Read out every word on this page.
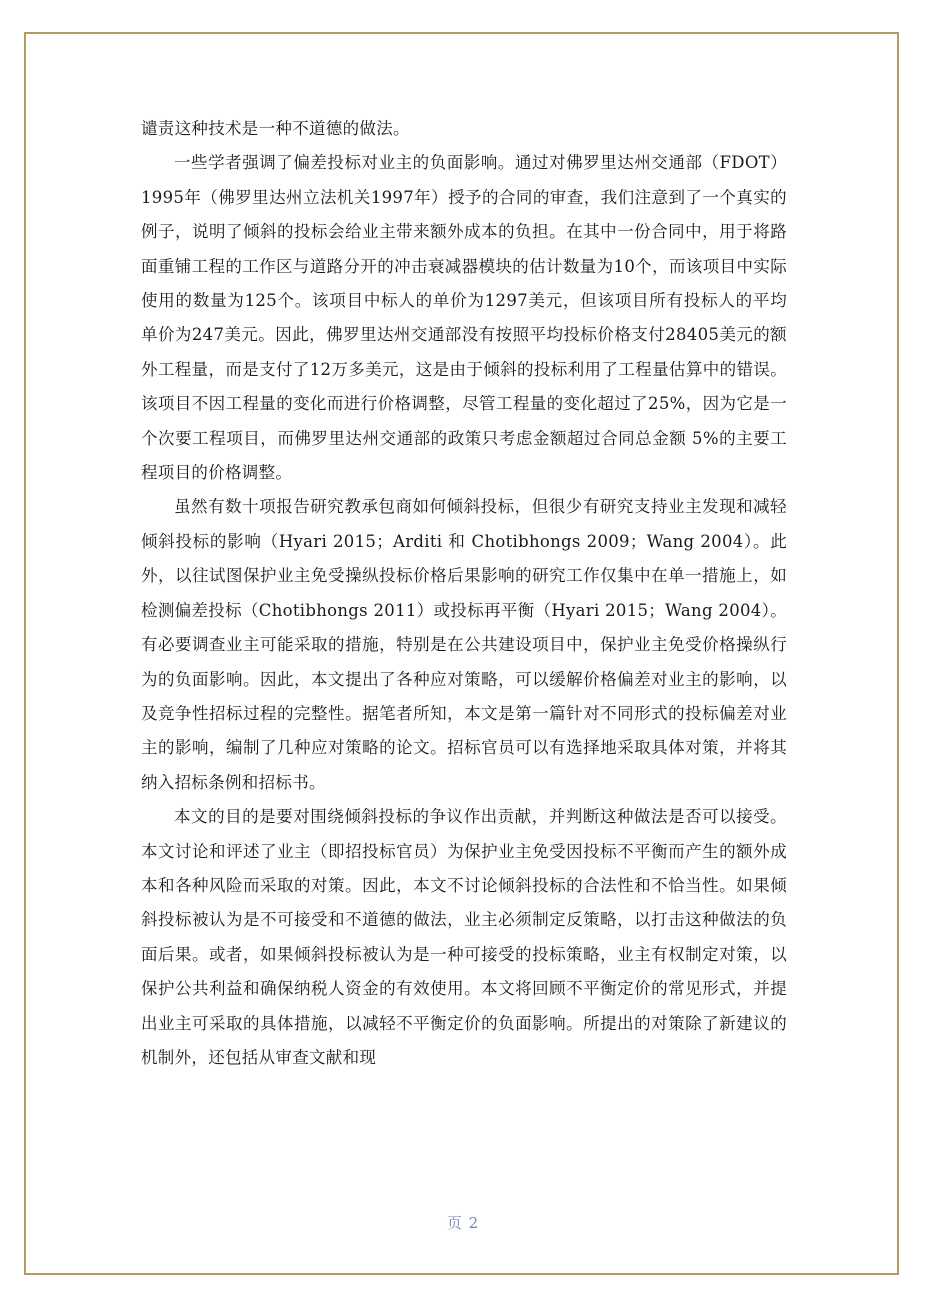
谴责这种技术是一种不道德的做法。

一些学者强调了偏差投标对业主的负面影响。通过对佛罗里达州交通部（FDOT）1995年（佛罗里达州立法机关1997年）授予的合同的审查，我们注意到了一个真实的例子，说明了倾斜的投标会给业主带来额外成本的负担。在其中一份合同中，用于将路面重铺工程的工作区与道路分开的冲击衰减器模块的估计数量为10个，而该项目中实际使用的数量为125个。该项目中标人的单价为1297美元，但该项目所有投标人的平均单价为247美元。因此，佛罗里达州交通部没有按照平均投标价格支付28405美元的额外工程量，而是支付了12万多美元，这是由于倾斜的投标利用了工程量估算中的错误。该项目不因工程量的变化而进行价格调整，尽管工程量的变化超过了25%，因为它是一个次要工程项目，而佛罗里达州交通部的政策只考虑金额超过合同总金额 5%的主要工程项目的价格调整。

虽然有数十项报告研究教承包商如何倾斜投标，但很少有研究支持业主发现和减轻倾斜投标的影响（Hyari 2015；Arditi 和 Chotibhongs 2009；Wang 2004）。此外，以往试图保护业主免受操纵投标价格后果影响的研究工作仅集中在单一措施上，如检测偏差投标（Chotibhongs 2011）或投标再平衡（Hyari 2015；Wang 2004）。有必要调查业主可能采取的措施，特别是在公共建设项目中，保护业主免受价格操纵行为的负面影响。因此，本文提出了各种应对策略，可以缓解价格偏差对业主的影响，以及竞争性招标过程的完整性。据笔者所知，本文是第一篇针对不同形式的投标偏差对业主的影响，编制了几种应对策略的论文。招标官员可以有选择地采取具体对策，并将其纳入招标条例和招标书。

本文的目的是要对围绕倾斜投标的争议作出贡献，并判断这种做法是否可以接受。本文讨论和评述了业主（即招投标官员）为保护业主免受因投标不平衡而产生的额外成本和各种风险而采取的对策。因此，本文不讨论倾斜投标的合法性和不恰当性。如果倾斜投标被认为是不可接受和不道德的做法，业主必须制定反策略，以打击这种做法的负面后果。或者，如果倾斜投标被认为是一种可接受的投标策略，业主有权制定对策，以保护公共利益和确保纳税人资金的有效使用。本文将回顾不平衡定价的常见形式，并提出业主可采取的具体措施，以减轻不平衡定价的负面影响。所提出的对策除了新建议的机制外，还包括从审查文献和现

页 2
